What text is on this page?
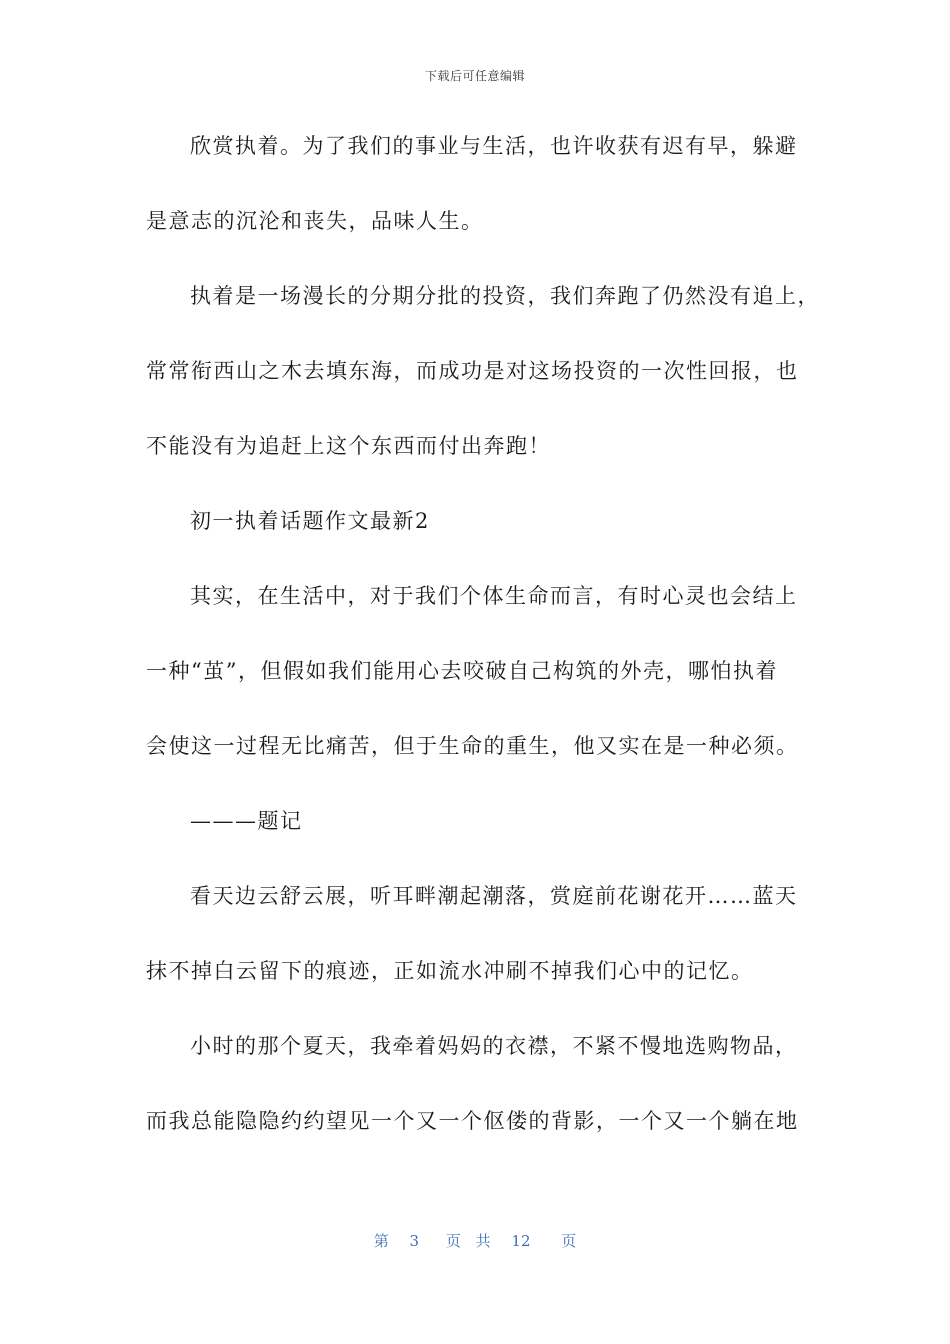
下载后可任意编辑
欣赏执着。为了我们的事业与生活，也许收获有迟有早，躲避
是意志的沉沦和丧失，品味人生。
执着是一场漫长的分期分批的投资，我们奔跑了仍然没有追上，
常常衔西山之木去填东海，而成功是对这场投资的一次性回报，也
不能没有为追赶上这个东西而付出奔跑！
初一执着话题作文最新2
其实，在生活中，对于我们个体生命而言，有时心灵也会结上
一种“茧”，但假如我们能用心去咬破自己构筑的外壳，哪怕执着
会使这一过程无比痛苦，但于生命的重生，他又实在是一种必须。
———题记
看天边云舒云展，听耳畔潮起潮落，赏庭前花谢花开……蓝天
抹不掉白云留下的痕迹，正如流水冲刷不掉我们心中的记忆。
小时的那个夏天，我牵着妈妈的衣襟，不紧不慢地选购物品，
而我总能隐隐约约望见一个又一个伛偻的背影，一个又一个躺在地
第 3 页 共 12 页
